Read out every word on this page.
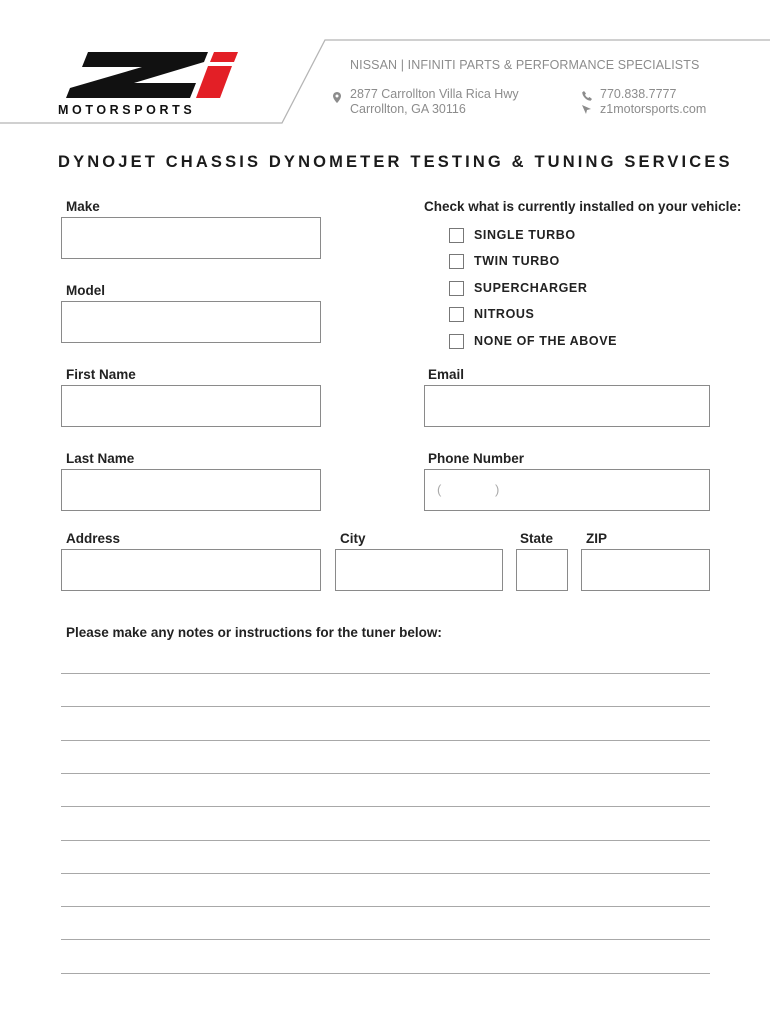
MOTORSPORTS
NISSAN | INFINITI PARTS & PERFORMANCE SPECIALISTS
2877 Carrollton Villa Rica Hwy
Carrollton, GA 30116
770.838.7777
z1motorsports.com
DYNOJET CHASSIS DYNOMETER TESTING & TUNING SERVICES
Make
Model
Check what is currently installed on your vehicle:
SINGLE TURBO
TWIN TURBO
SUPERCHARGER
NITROUS
NONE OF THE ABOVE
First Name	Email
Last Name	Phone Number
(	)
Address	City	State ZIP
Please make any notes or instructions for the tuner below:
